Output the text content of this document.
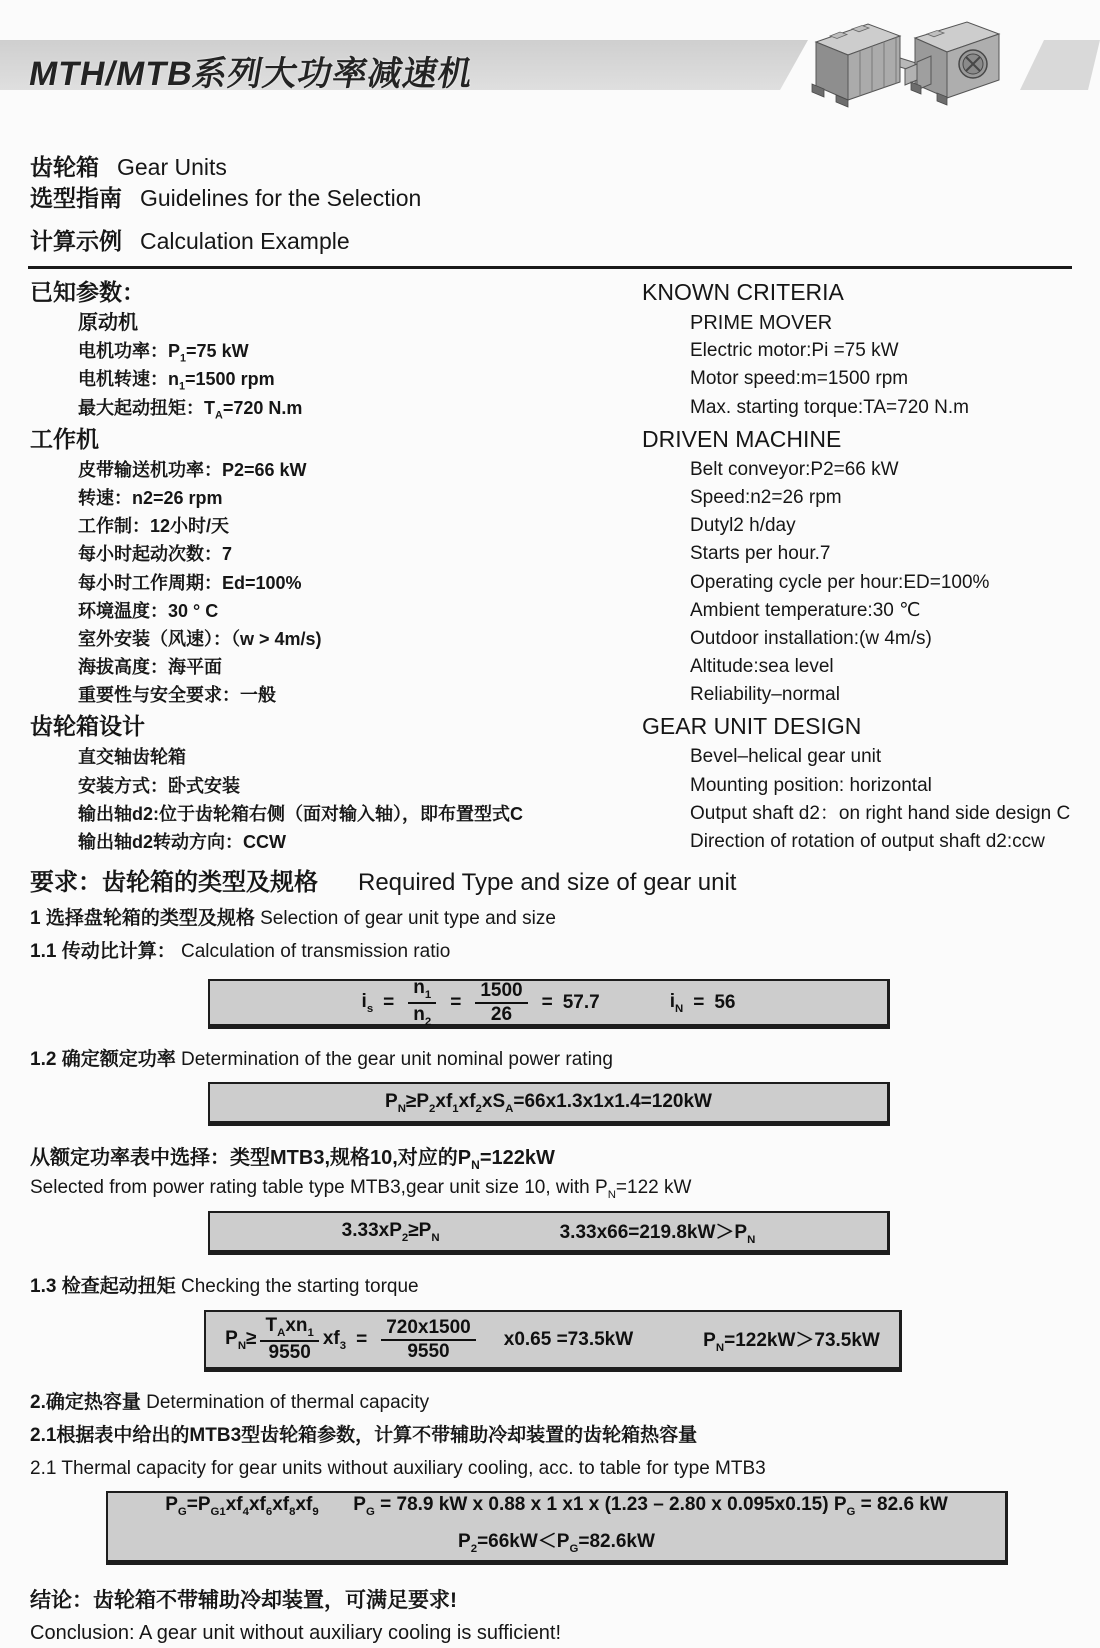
MTH/MTB系列大功率减速机
齿轮箱 Gear Units
选型指南 Guidelines for the Selection
计算示例 Calculation Example
已知参数：	KNOWN CRITERIA
原动机	PRIME MOVER
电机功率：$P_1=75$ kW	Electric motor:Pi =75 kW
电机转速：$n_1=1500$ rpm	Motor speed:m=1500 rpm
最大起动扭矩：$T_A=720$ N.m	Max. starting torque:TA=720 N.m
工作机	DRIVEN MACHINE
皮带输送机功率：P2=66 kW	Belt conveyor:P2=66 kW
转速：n2=26 rpm	Speed:n2=26 rpm
工作制：12小时/天	Dutyl2 h/day
每小时起动次数：7	Starts per hour.7
每小时工作周期：Ed=100%	Operating cycle per hour:ED=100%
环境温度：30 ° C	Ambient temperature:30 ℃
室外安装（风速）：（w > 4m/s)	Outdoor installation:(w 4m/s)
海拔高度：海平面	Altitude:sea level
重要性与安全要求：一般	Reliability–normal
齿轮箱设计	GEAR UNIT DESIGN
直交轴齿轮箱	Bevel–helical gear unit
安装方式：卧式安装	Mounting position: horizontal
输出轴d2:位于齿轮箱右侧（面对输入轴），即布置型式C	Output shaft d2：on right hand side design C
输出轴d2转动方向：CCW	Direction of rotation of output shaft d2:ccw
要求：齿轮箱的类型及规格 Required Type and size of gear unit
1 选择盘轮箱的类型及规格 Selection of gear unit type and size
1.1 传动比计算： Calculation of transmission ratio
$i_s = \frac{n_1}{n_2} = \frac{1500}{26} = 57.7$	$i_N = 56$
1.2 确定额定功率 Determination of the gear unit nominal power rating
$P_N\ge P_2xf_1xf_2xS_A=66x1.3x1x1.4=120kW$
从额定功率表中选择：类型MTB3,规格10,对应的$P_N=122kW$
Selected from power rating table type MTB3,gear unit size 10, with $P_N=122$ kW
$3.33xP_2\ge P_N$	$3.33x66=219.8kW>P_N$
1.3 检查起动扭矩 Checking the starting torque
$P_N\ge \frac{T_Axn_1}{9550} xf_3 = \frac{720x1500}{9550} x0.65 =73.5kW$	$P_N=122kW>73.5kW$
2.确定热容量 Determination of thermal capacity
2.1根据表中给出的MTB3型齿轮箱参数，计算不带辅助冷却装置的齿轮箱热容量
2.1 Thermal capacity for gear units without auxiliary cooling, acc. to table for type MTB3
$P_G=P_{G1}xf_4xf_6xf_8xf_9$ $P_G = 78.9$ kW x 0.88 x 1 x1 x (1.23 – 2.80 x 0.095x0.15) $P_G = 82.6$ kW
$P_2=66kW<P_G=82.6kW$
结论：齿轮箱不带辅助冷却装置，可满足要求!
Conclusion: A gear unit without auxiliary cooling is sufficient!
